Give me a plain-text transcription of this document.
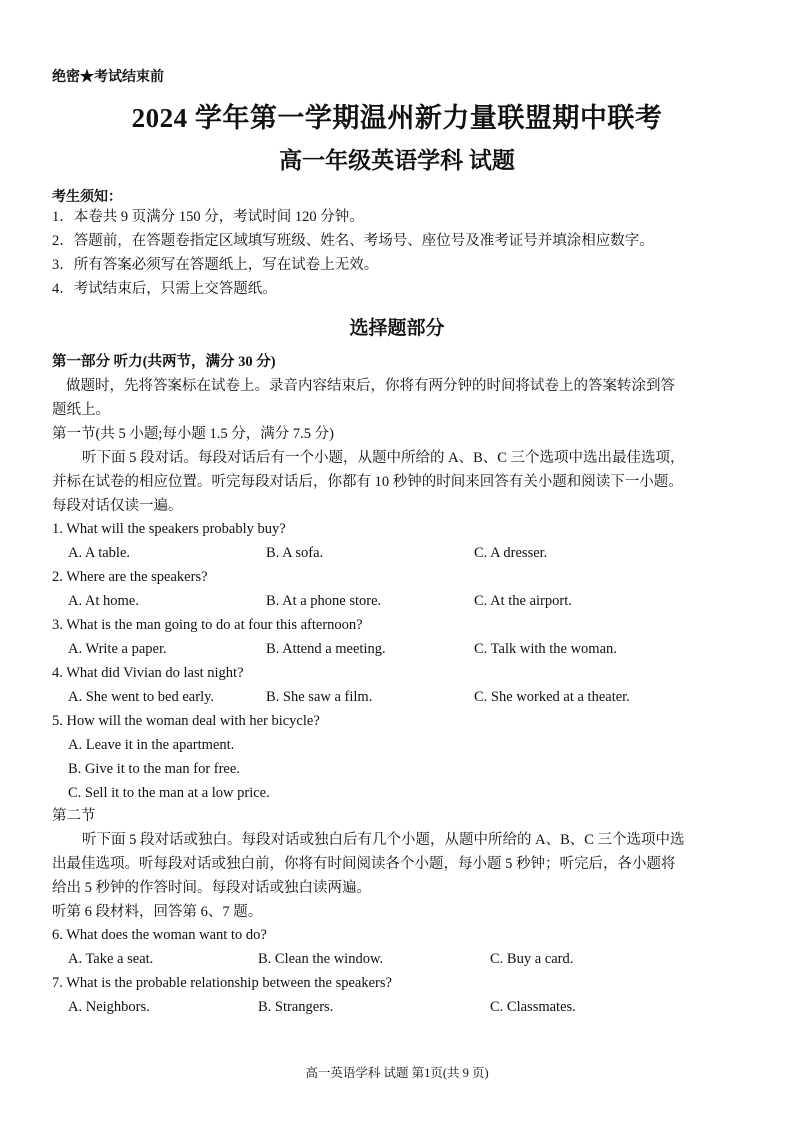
绝密★考试结束前
2024 学年第一学期温州新力量联盟期中联考
高一年级英语学科 试题
考生须知：
1．本卷共 9 页满分 150 分，考试时间 120 分钟。
2．答题前，在答题卷指定区域填写班级、姓名、考场号、座位号及准考证号并填涂相应数字。
3．所有答案必须写在答题纸上，写在试卷上无效。
4．考试结束后，只需上交答题纸。
选择题部分
第一部分 听力(共两节，满分 30 分)
做题时，先将答案标在试卷上。录音内容结束后，你将有两分钟的时间将试卷上的答案转涂到答
题纸上。
第一节(共 5 小题;每小题 1.5 分，满分 7.5 分)
听下面 5 段对话。每段对话后有一个小题，从题中所给的 A、B、C 三个选项中选出最佳选项，
并标在试卷的相应位置。听完每段对话后，你都有 10 秒钟的时间来回答有关小题和阅读下一小题。
每段对话仅读一遍。
1. What will the speakers probably buy?
A. A table.	B. A sofa.	C. A dresser.
2. Where are the speakers?
A. At home.	B. At a phone store.	C. At the airport.
3. What is the man going to do at four this afternoon?
A. Write a paper.	B. Attend a meeting.	C. Talk with the woman.
4. What did Vivian do last night?
A. She went to bed early.	B. She saw a film.	C. She worked at a theater.
5. How will the woman deal with her bicycle?
A. Leave it in the apartment.
B. Give it to the man for free.
C. Sell it to the man at a low price.
第二节
听下面 5 段对话或独白。每段对话或独白后有几个小题，从题中所给的 A、B、C 三个选项中选
出最佳选项。听每段对话或独白前，你将有时间阅读各个小题，每小题 5 秒钟；听完后，各小题将
给出 5 秒钟的作答时间。每段对话或独白读两遍。
听第 6 段材料，回答第 6、7 题。
6. What does the woman want to do?
A. Take a seat.	B. Clean the window.	C. Buy a card.
7. What is the probable relationship between the speakers?
A. Neighbors.	B. Strangers.	C. Classmates.
高一英语学科 试题 第1页(共 9 页)
